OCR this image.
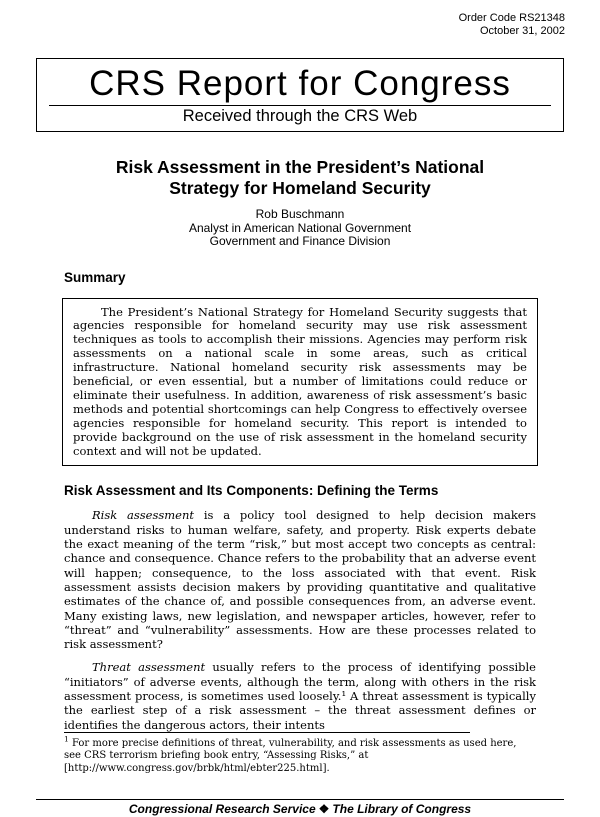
Order Code RS21348
October 31, 2002
CRS Report for Congress
Received through the CRS Web
Risk Assessment in the President’s National
Strategy for Homeland Security
Rob Buschmann
Analyst in American National Government
Government and Finance Division
Summary

The President’s National Strategy for Homeland Security suggests that agencies responsible for homeland security may use risk assessment techniques as tools to accomplish their missions. Agencies may perform risk assessments on a national scale in some areas, such as critical infrastructure. National homeland security risk assessments may be beneficial, or even essential, but a number of limitations could reduce or eliminate their usefulness. In addition, awareness of risk assessment’s basic methods and potential shortcomings can help Congress to effectively oversee agencies responsible for homeland security. This report is intended to provide background on the use of risk assessment in the homeland security context and will not be updated.

Risk Assessment and Its Components: Defining the Terms

Risk assessment is a policy tool designed to help decision makers understand risks to human welfare, safety, and property. Risk experts debate the exact meaning of the term “risk,” but most accept two concepts as central: chance and consequence. Chance refers to the probability that an adverse event will happen; consequence, to the loss associated with that event. Risk assessment assists decision makers by providing quantitative and qualitative estimates of the chance of, and possible consequences from, an adverse event. Many existing laws, new legislation, and newspaper articles, however, refer to “threat” and “vulnerability” assessments. How are these processes related to risk assessment?

Threat assessment usually refers to the process of identifying possible “initiators” of adverse events, although the term, along with others in the risk assessment process, is sometimes used loosely.¹ A threat assessment is typically the earliest step of a risk assessment – the threat assessment defines or identifies the dangerous actors, their intents

$^1$ For more precise definitions of threat, vulnerability, and risk assessments as used here, see CRS terrorism briefing book entry, “Assessing Risks,” at
[http://www.congress.gov/brbk/html/ebter225.html].

Congressional Research Service ❖ The Library of Congress
